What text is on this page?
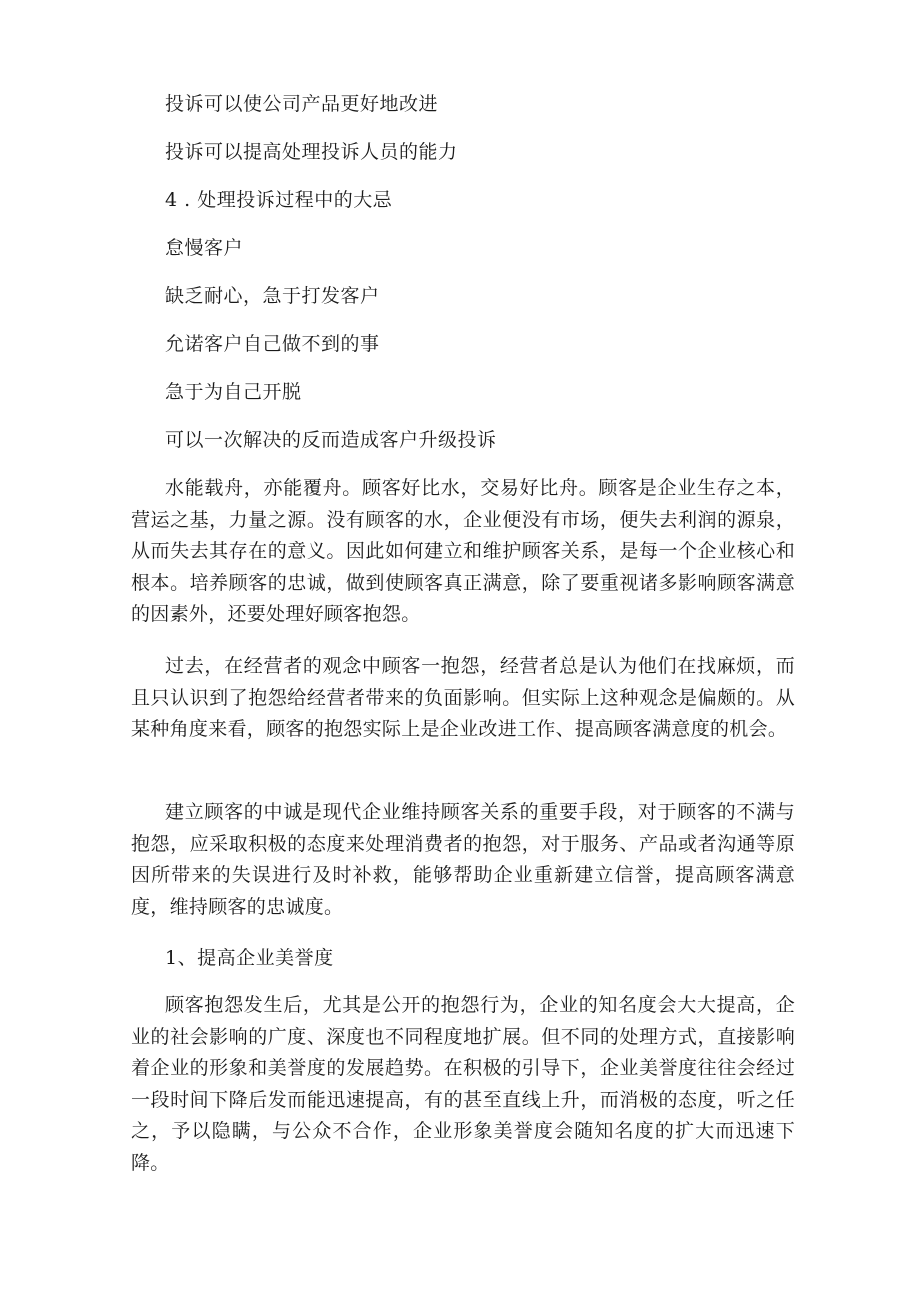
投诉可以使公司产品更好地改进
投诉可以提高处理投诉人员的能力
4 . 处理投诉过程中的大忌
怠慢客户
缺乏耐心，急于打发客户
允诺客户自己做不到的事
急于为自己开脱
可以一次解决的反而造成客户升级投诉
水能载舟，亦能覆舟。顾客好比水，交易好比舟。顾客是企业生存之本，营运之基，力量之源。没有顾客的水，企业便没有市场，便失去利润的源泉，从而失去其存在的意义。因此如何建立和维护顾客关系，是每一个企业核心和根本。培养顾客的忠诚，做到使顾客真正满意，除了要重视诸多影响顾客满意的因素外，还要处理好顾客抱怨。
过去，在经营者的观念中顾客一抱怨，经营者总是认为他们在找麻烦，而且只认识到了抱怨给经营者带来的负面影响。但实际上这种观念是偏颇的。从某种角度来看，顾客的抱怨实际上是企业改进工作、提高顾客满意度的机会。
建立顾客的中诚是现代企业维持顾客关系的重要手段，对于顾客的不满与抱怨，应采取积极的态度来处理消费者的抱怨，对于服务、产品或者沟通等原因所带来的失误进行及时补救，能够帮助企业重新建立信誉，提高顾客满意度，维持顾客的忠诚度。
1、提高企业美誉度
顾客抱怨发生后，尤其是公开的抱怨行为，企业的知名度会大大提高，企业的社会影响的广度、深度也不同程度地扩展。但不同的处理方式，直接影响着企业的形象和美誉度的发展趋势。在积极的引导下，企业美誉度往往会经过一段时间下降后发而能迅速提高，有的甚至直线上升，而消极的态度，听之任之，予以隐瞒，与公众不合作，企业形象美誉度会随知名度的扩大而迅速下降。
